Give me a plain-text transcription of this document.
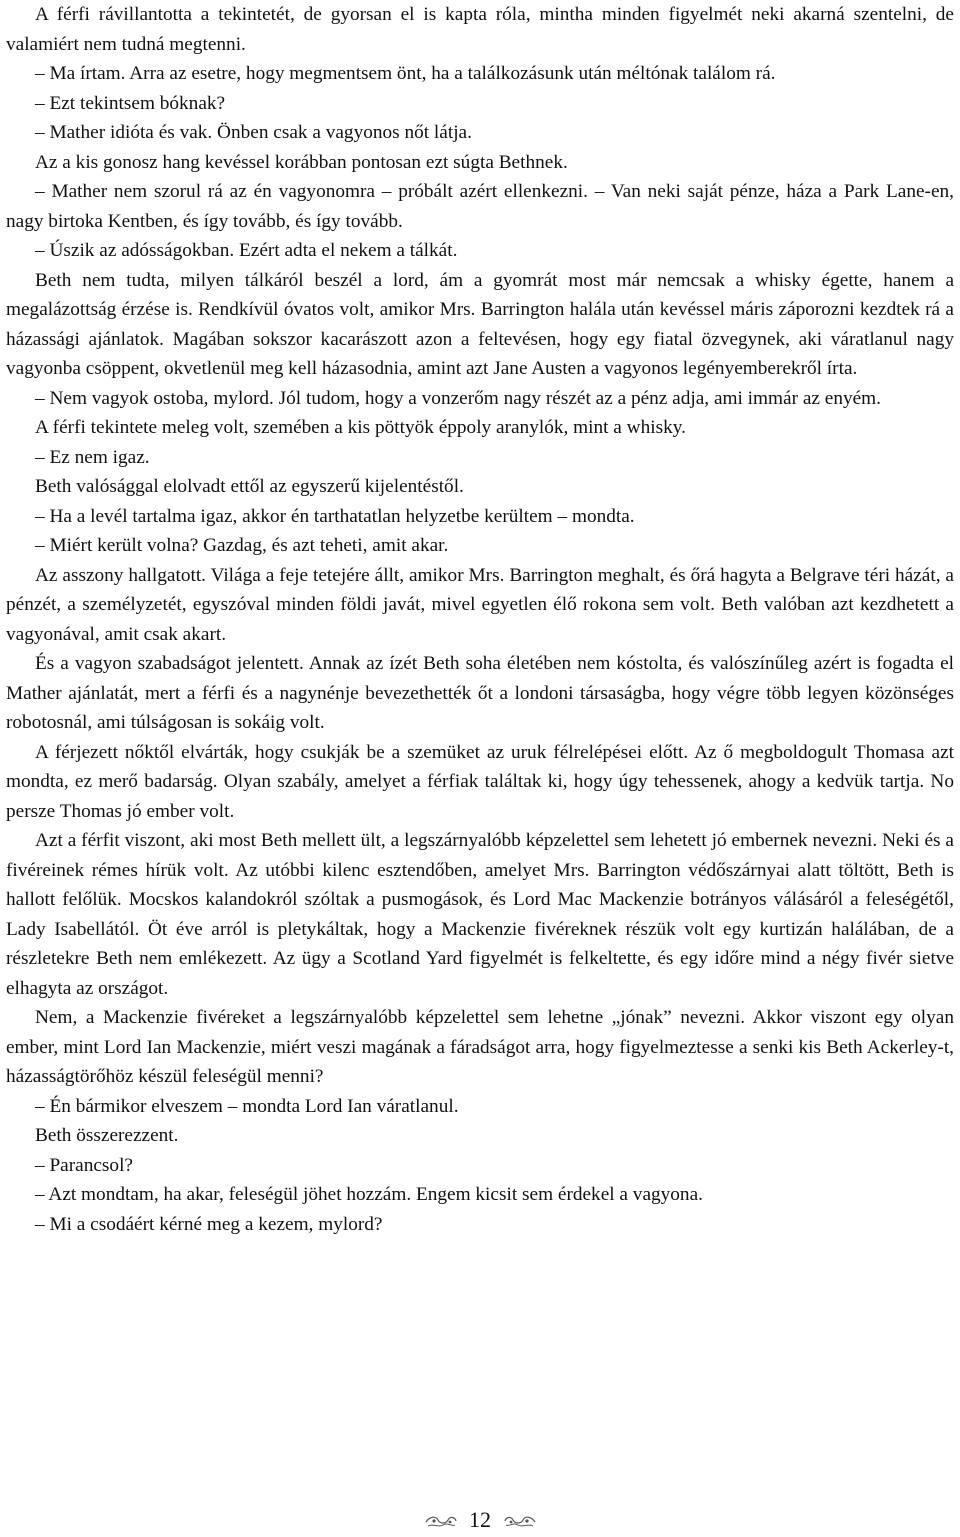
A férfi rávillantotta a tekintetét, de gyorsan el is kapta róla, mintha minden figyelmét neki akarná szentelni, de valamiért nem tudná megtenni.

– Ma írtam. Arra az esetre, hogy megmentsem önt, ha a találkozásunk után méltónak találom rá.

– Ezt tekintsem bóknak?

– Mather idióta és vak. Önben csak a vagyonos nőt látja.

Az a kis gonosz hang kevéssel korábban pontosan ezt súgta Bethnek.

– Mather nem szorul rá az én vagyonomra – próbált azért ellenkezni. – Van neki saját pénze, háza a Park Lane-en, nagy birtoka Kentben, és így tovább, és így tovább.

– Úszik az adósságokban. Ezért adta el nekem a tálkát.

Beth nem tudta, milyen tálkáról beszél a lord, ám a gyomrát most már nemcsak a whisky égette, hanem a megalázottság érzése is. Rendkívül óvatos volt, amikor Mrs. Barrington halála után kevéssel máris záporozni kezdtek rá a házassági ajánlatok. Magában sokszor kacarászott azon a feltevésen, hogy egy fiatal özvegynek, aki váratlanul nagy vagyonba csöppent, okvetlenül meg kell házasodnia, amint azt Jane Austen a vagyonos legényemberekről írta.

– Nem vagyok ostoba, mylord. Jól tudom, hogy a vonzerőm nagy részét az a pénz adja, ami immár az enyém.

A férfi tekintete meleg volt, szemében a kis pöttyök éppoly aranylók, mint a whisky.

– Ez nem igaz.

Beth valósággal elolvadt ettől az egyszerű kijelentéstől.

– Ha a levél tartalma igaz, akkor én tarthatatlan helyzetbe kerültem – mondta.

– Miért került volna? Gazdag, és azt teheti, amit akar.

Az asszony hallgatott. Világa a feje tetejére állt, amikor Mrs. Barrington meghalt, és őrá hagyta a Belgrave téri házát, a pénzét, a személyzetét, egyszóval minden földi javát, mivel egyetlen élő rokona sem volt. Beth valóban azt kezdhetett a vagyonával, amit csak akart.

És a vagyon szabadságot jelentett. Annak az ízét Beth soha életében nem kóstolta, és valószínűleg azért is fogadta el Mather ajánlatát, mert a férfi és a nagynénje bevezethették őt a londoni társaságba, hogy végre több legyen közönséges robotosnál, ami túlságosan is sokáig volt.

A férjezett nőktől elvárták, hogy csukják be a szemüket az uruk félrelépései előtt. Az ő megboldogult Thomasa azt mondta, ez merő badarság. Olyan szabály, amelyet a férfiak találtak ki, hogy úgy tehessenek, ahogy a kedvük tartja. No persze Thomas jó ember volt.

Azt a férfit viszont, aki most Beth mellett ült, a legszárnyalóbb képzelettel sem lehetett jó embernek nevezni. Neki és a fivéreinek rémes hírük volt. Az utóbbi kilenc esztendőben, amelyet Mrs. Barrington védőszárnyai alatt töltött, Beth is hallott felőlük. Mocskos kalandokról szóltak a pusmogások, és Lord Mac Mackenzie botrányos válásáról a feleségétől, Lady Isabellától. Öt éve arról is pletykáltak, hogy a Mackenzie fivéreknek részük volt egy kurtizán halálában, de a részletekre Beth nem emlékezett. Az ügy a Scotland Yard figyelmét is felkeltette, és egy időre mind a négy fivér sietve elhagyta az országot.

Nem, a Mackenzie fivéreket a legszárnyalóbb képzelettel sem lehetne „jónak” nevezni. Akkor viszont egy olyan ember, mint Lord Ian Mackenzie, miért veszi magának a fáradságot arra, hogy figyelmeztesse a senki kis Beth Ackerley-t, házasságtörőhöz készül feleségül menni?

– Én bármikor elveszem – mondta Lord Ian váratlanul.

Beth összerezzent.

– Parancsol?

– Azt mondtam, ha akar, feleségül jöhet hozzám. Engem kicsit sem érdekel a vagyona.

– Mi a csodáért kérné meg a kezem, mylord?

12
